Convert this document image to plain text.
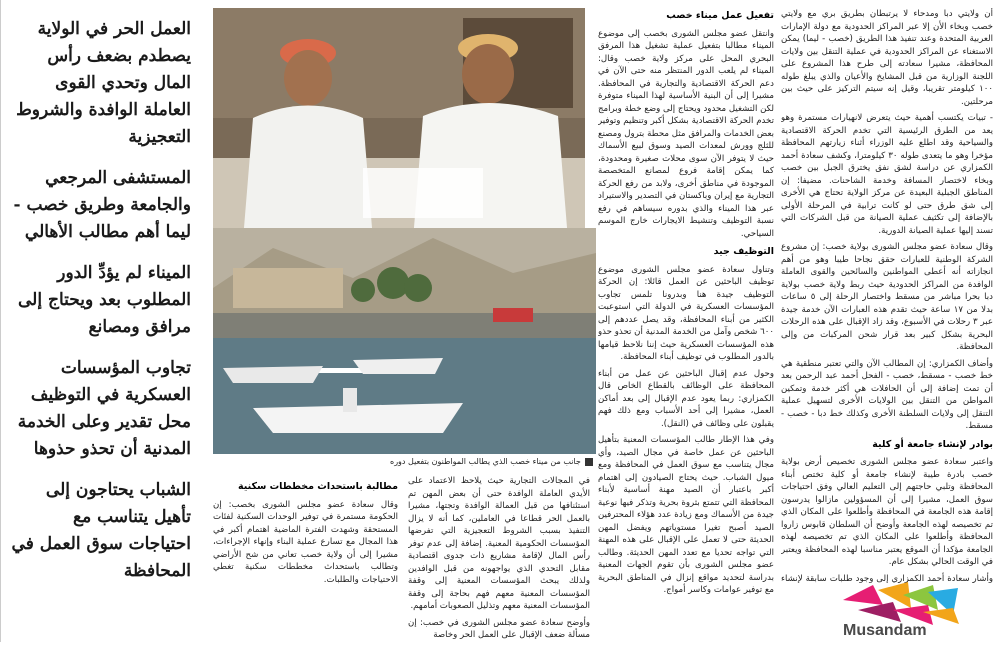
العمل الحر في الولاية يصطدم بضعف رأس المال وتحدي القوى العاملة الوافدة والشروط التعجيزية
المستشفى المرجعي والجامعة وطريق خصب - ليما أهم مطالب الأهالي
الميناء لم يؤدِّ الدور المطلوب بعد ويحتاج إلى مرافق ومصانع
تجاوب المؤسسات العسكرية في التوظيف محل تقدير وعلى الخدمة المدنية أن تحذو حذوها
الشباب يحتاجون إلى تأهيل يتناسب مع احتياجات سوق العمل في المحافظة

أن ولايتي دبا ومدحاء لا يرتبطان بطريق بري مع ولايتي خصب وبخاء الأن إلا عبر المراكز الحدودية مع دولة الإمارات العربية المتحدة وعند تنفيذ هذا الطريق (خصب - ليما) يمكن الاستغناء عن المراكز الحدودية في عملية التنقل بين ولايات المحافظة، مشيرا سعادته إلى طرح هذا المشروع على اللجنة الوزارية من قبل المشايخ والأعيان والذي يبلغ طوله ١٠٠ كيلومتر تقريبا، وقيل إنه سيتم التركيز على حيث بين مرحلتين.

- تبيات يكتسب أهمية حيث يتعرض لانهيارات مستمرة وهو يعد من الطرق الرئيسية التي تخدم الحركة الاقتصادية والسياحية وقد اطلع عليه الوزراء أثناء زيارتهم المحافظة مؤخرا وهو ما يتعدى طوله ٣٠ كيلومترا، وكشف سعادة أحمد الكمزاري عن دراسة لشق نفق يخترق الجبل بين خصب وبخاء لاختصار المسافة وخدمة الشاحنات. مضيفا: إن المناطق الجبلية البعيدة عن مركز الولاية تحتاج هي الأخرى إلى شق طرق حتى لو كانت ترابية في المرحلة الأولى بالإضافة إلى تكثيف عملية الصيانة من قبل الشركات التي تسند إليها عملية الصيانة الدورية.

وقال سعادة عضو مجلس الشورى بولاية خصب: إن مشروع الشركة الوطنية للعبارات حقق نجاحا طيبا وهو من أهم انجازاته أنه أعطى المواطنين والسائحين والقوى العاملة الوافدة من المراكز الحدودية حيث ربط ولاية خصب بولاية دبا بحرا مباشر من مسقط واختصار الرحلة إلى ٥ ساعات بدلا من ١٧ ساعة حيث تقدم هذه العبارات الآن خدمة جيدة عبر ٣ رحلات في الأسبوع، وقد زاد الإقبال على هذه الرحلات البحرية بشكل كبير بعد قرار شحن المركبات من وإلى المحافظة.

وأضاف الكمزاري: إن المطالب الآن والتي تعتبر منطقية هي خط خصب - مسقط، خصب - الفحل أحمد عبد الرحمن بعد أن تمت إضافة إلى أن الحافلات هي أكثر خدمة وتمكين المواطن من التنقل بين الولايات الأخرى لتسهيل عملية التنقل إلى ولايات السلطنة الأخرى وكذلك خط دبا - خصب - مسقط.

بوادر لإنشاء جامعة أو كلية

واعتبر سعادة عضو مجلس الشورى تخصيص أرض بولاية خصب بادرة طيبة لإنشاء جامعة أو كلية تختص أبناء المحافظة وتلبي حاجتهم إلى التعليم العالي وفق احتياجات سوق العمل، مشيرا إلى أن المسؤولين مازالوا يدرسون إقامة هذه الجامعة في المحافظة وأطلعوا على المكان الذي تم تخصيصه لهذه الجامعة وأوضح أن السلطان قابوس زاروا المحافظة وأطلعوا على المكان الذي تم تخصيصه لهذه الجامعة مؤكدا أن الموقع يعتبر مناسبا لهذه المحافظة ويعتبر في الوقت الحالي بشكل عام.

وأشار سعادة أحمد الكمزاري إلى وجود طلبات سابقة لإنشاء

تفعيل عمل ميناء خصب

وانتقل عضو مجلس الشورى بخصب إلى موضوع الميناء مطالبا بتفعيل عملية تشغيل هذا المرفق البحري المحل على مركز ولاية خصب وقال: الميناء لم يلعب الدور المنتظر منه حتى الآن في دعم الحركة الاقتصادية والتجارية في المحافظة. مشيرا إلى أن البنية الأساسية لهذا الميناء متوفرة لكن التشغيل محدود ويحتاج إلى وضع خطة وبرامج تخدم الحركة الاقتصادية بشكل أكبر وتنظيم وتوفير بعض الخدمات والمرافق مثل محطة بترول ومصنع للثلج وورش لمعدات الصيد وسوق لبيع الأسماك حيث لا يتوفر الآن سوى محلات صغيرة ومحدودة، كما يمكن إقامة فروع لمصانع المتخصصة الموجودة في مناطق أخرى، ولابد من رفع الحركة التجارية مع إيران وباكستان في التصدير والاستيراد عبر هذا الميناء والذي بدوره سيساهم في رفع نسبة التوظيف وتنشيط الايجارات خارج الموسم السياحي.

التوظيف جيد

وتناول سعادة عضو مجلس الشورى موضوع توظيف الباحثين عن العمل قائلا: إن الحركة التوظيف جيدة هنا وبدرونا تلمس تجاوب المؤسسات العسكرية في الدولة التي استوعبت الكثير من أبناء المحافظة، وقد يصل عددهم إلى ٦٠٠ شخص وآمل من الخدمة المدنية أن تحذو حذو هذه المؤسسات العسكرية حيث إننا نلاحظ قيامها بالدور المطلوب في توظيف أبناء المحافظة.

وحول عدم إقبال الباحثين عن عمل من أبناء المحافظة على الوظائف بالقطاع الخاص قال الكمزاري: ربما يعود عدم الإقبال إلى بعد أماكن العمل، مشيرا إلى أحد الأسباب ومع ذلك فهم يقبلون على وظائف في (النقل).

وفي هذا الإطار طالب المؤسسات المعنية بتأهيل الباحثين عن عمل خاصة في مجال الصيد، وأي مجال يتناسب مع سوق العمل في المحافظة ومع ميول الشباب. حيث يحتاج الصيادون إلى اهتمام أكبر باعتبار أن الصيد مهنة أساسية لأبناء المحافظة التي تتمتع بثروة بحرية وتذكر فيها نوعية جيدة من الأسماك ومع زيادة عدد هؤلاء المحترفين الصيد أصبح تغيرا مستوياتهم ويفضل المهن الحديثة حتى لا تعمل على الإقبال على هذه المهنة التي تواجه تحديا مع تعدد المهن الحديثة. وطالب عضو مجلس الشورى بأن تقوم الجهات المعنية بدراسة لتحديد مواقع إنزال في المناطق البحرية مع توفير عوامات وكاسر أمواج.

جانب من ميناء خصب الذي يطالب المواطنون بتفعيل دوره

في المجالات التجارية حيث يلاحظ الاعتماد على الأيدي العاملة الوافدة حتى أن بعض المهن تم استئنافها من قبل العمالة الوافدة وتجتها، مشيرا بالعمل الحر قطاعا في العاملين، كما أنه لا يزال التنفيذ بسبب الشروط التعجيزية التي تفرضها المؤسسات الحكومية المعنية. إضافة إلى عدم توفر رأس المال لإقامة مشاريع ذات جدوى اقتصادية مقابل التحدي الذي يواجهونه من قبل الوافدين ولذلك يبحث المؤسسات المعنية إلى وقفة المؤسسات المعنية معهم فهم بحاجة إلى وقفة المؤسسات المعنية معهم وتذليل الصعوبات أمامهم.

وأوضح سعادة عضو مجلس الشورى في خصب: إن مسألة ضعف الإقبال على العمل الحر وخاصة

مطالبة باستحداث مخططات سكنية

وقال سعادة عضو مجلس الشورى بخصب: إن الحكومة مستمرة في توفير الوحدات السكنية لفئات المستحقة وشهدت الفترة الماضية اهتمام أكبر في هذا المجال مع تسارع عملية البناء وإنهاء الإجراءات، مشيرا إلى أن ولاية خصب تعاني من شح الأراضي وتطالب باستحداث مخططات سكنية تغطي الاحتياجات والطلبات.

Musandam
